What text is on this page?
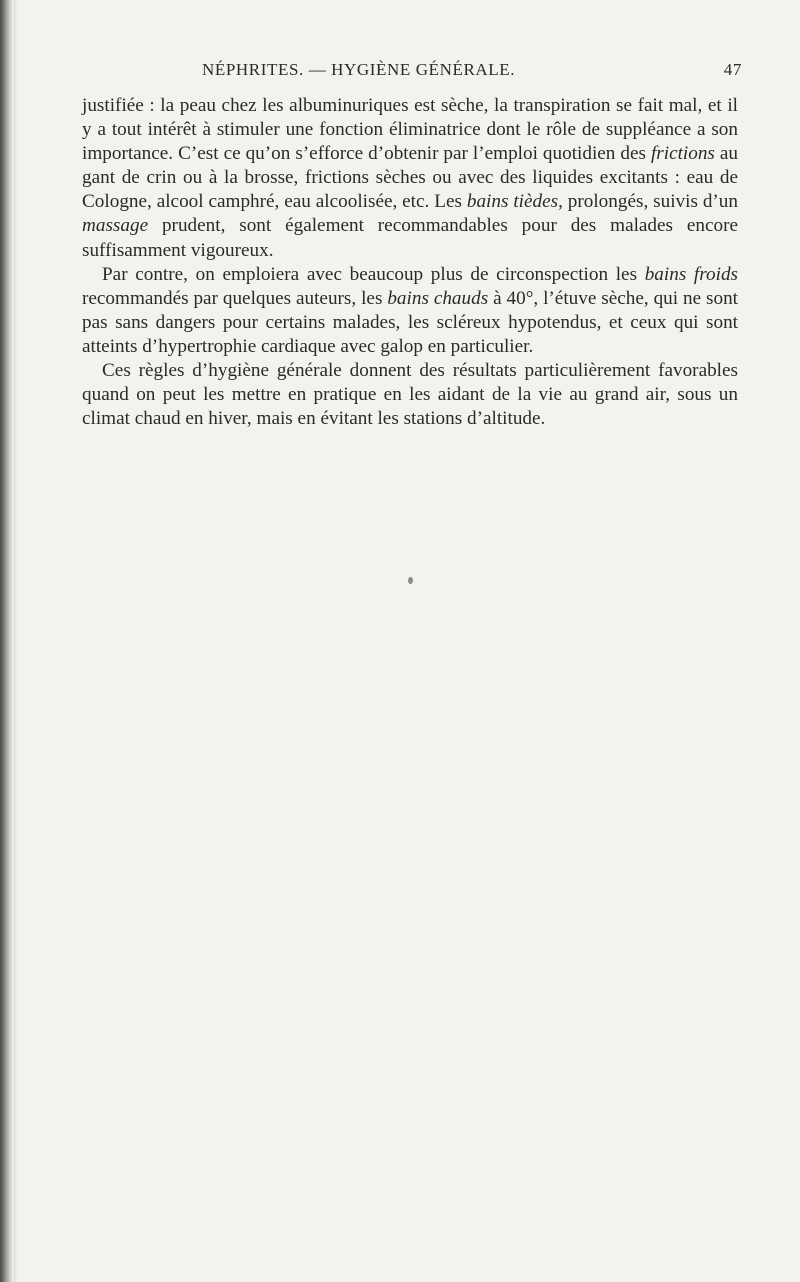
NÉPHRITES. — HYGIÈNE GÉNÉRALE.	47

justifiée : la peau chez les albuminuriques est sèche, la transpiration se fait mal, et il y a tout intérêt à stimuler une fonction éliminatrice dont le rôle de suppléance a son importance. C’est ce qu’on s’efforce d’obtenir par l’emploi quotidien des frictions au gant de crin ou à la brosse, frictions sèches ou avec des liquides excitants : eau de Cologne, alcool camphré, eau alcoolisée, etc. Les bains tièdes, prolongés, suivis d’un massage prudent, sont également recommandables pour des malades encore suffisamment vigoureux.

Par contre, on emploiera avec beaucoup plus de circonspection les bains froids recommandés par quelques auteurs, les bains chauds à 40°, l’étuve sèche, qui ne sont pas sans dangers pour certains malades, les scléreux hypotendus, et ceux qui sont atteints d’hypertrophie cardiaque avec galop en particulier.

Ces règles d’hygiène générale donnent des résultats particulièrement favorables quand on peut les mettre en pratique en les aidant de la vie au grand air, sous un climat chaud en hiver, mais en évitant les stations d’altitude.
